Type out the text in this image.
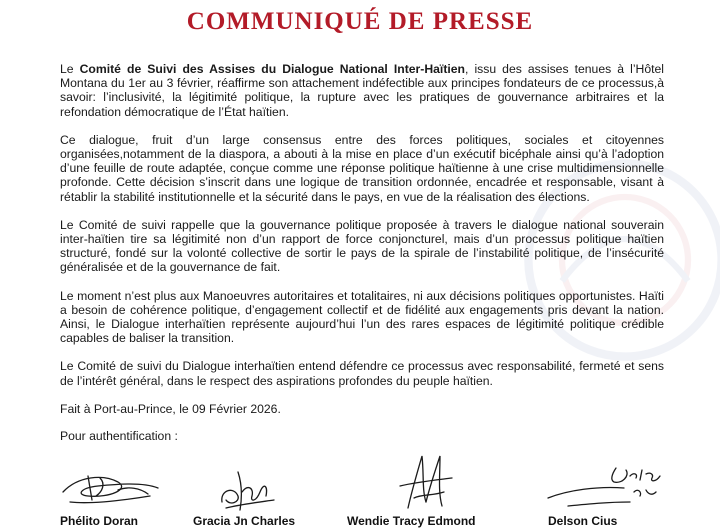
COMMUNIQUÉ DE PRESSE

Le Comité de Suivi des Assises du Dialogue National Inter-Haïtien, issu des assises tenues à l’Hôtel Montana du 1er au 3 février, réaffirme son attachement indéfectible aux principes fondateurs de ce processus,à savoir: l’inclusivité, la légitimité politique, la rupture avec les pratiques de gouvernance arbitraires et la refondation démocratique de l’État haïtien.

Ce dialogue, fruit d’un large consensus entre des forces politiques, sociales et citoyennes organisées,notamment de la diaspora, a abouti à la mise en place d’un exécutif bicéphale ainsi qu’à l’adoption d’une feuille de route adaptée, conçue comme une réponse politique haïtienne à une crise multidimensionnelle profonde. Cette décision s’inscrit dans une logique de transition ordonnée, encadrée et responsable, visant à rétablir la stabilité institutionnelle et la sécurité dans le pays, en vue de la réalisation des élections.

Le Comité de suivi rappelle que la gouvernance politique proposée à travers le dialogue national souverain inter-haïtien tire sa légitimité non d’un rapport de force conjoncturel, mais d’un processus politique haïtien structuré, fondé sur la volonté collective de sortir le pays de la spirale de l’instabilité politique, de l’insécurité généralisée et de la gouvernance de fait.

Le moment n’est plus aux Manoeuvres autoritaires et totalitaires, ni aux décisions politiques opportunistes. Haïti a besoin de cohérence politique, d’engagement collectif et de fidélité aux engagements pris devant la nation. Ainsi, le Dialogue interhaïtien représente aujourd’hui l’un des rares espaces de légitimité politique crédible capables de baliser la transition.

Le Comité de suivi du Dialogue interhaïtien entend défendre ce processus avec responsabilité, fermeté et sens de l’intérêt général, dans le respect des aspirations profondes du peuple haïtien.

Fait à Port-au-Prince, le 09 Février 2026.

Pour authentification :

Phélito Doran	Gracia Jn Charles	Wendie Tracy Edmond	Delson Cius
